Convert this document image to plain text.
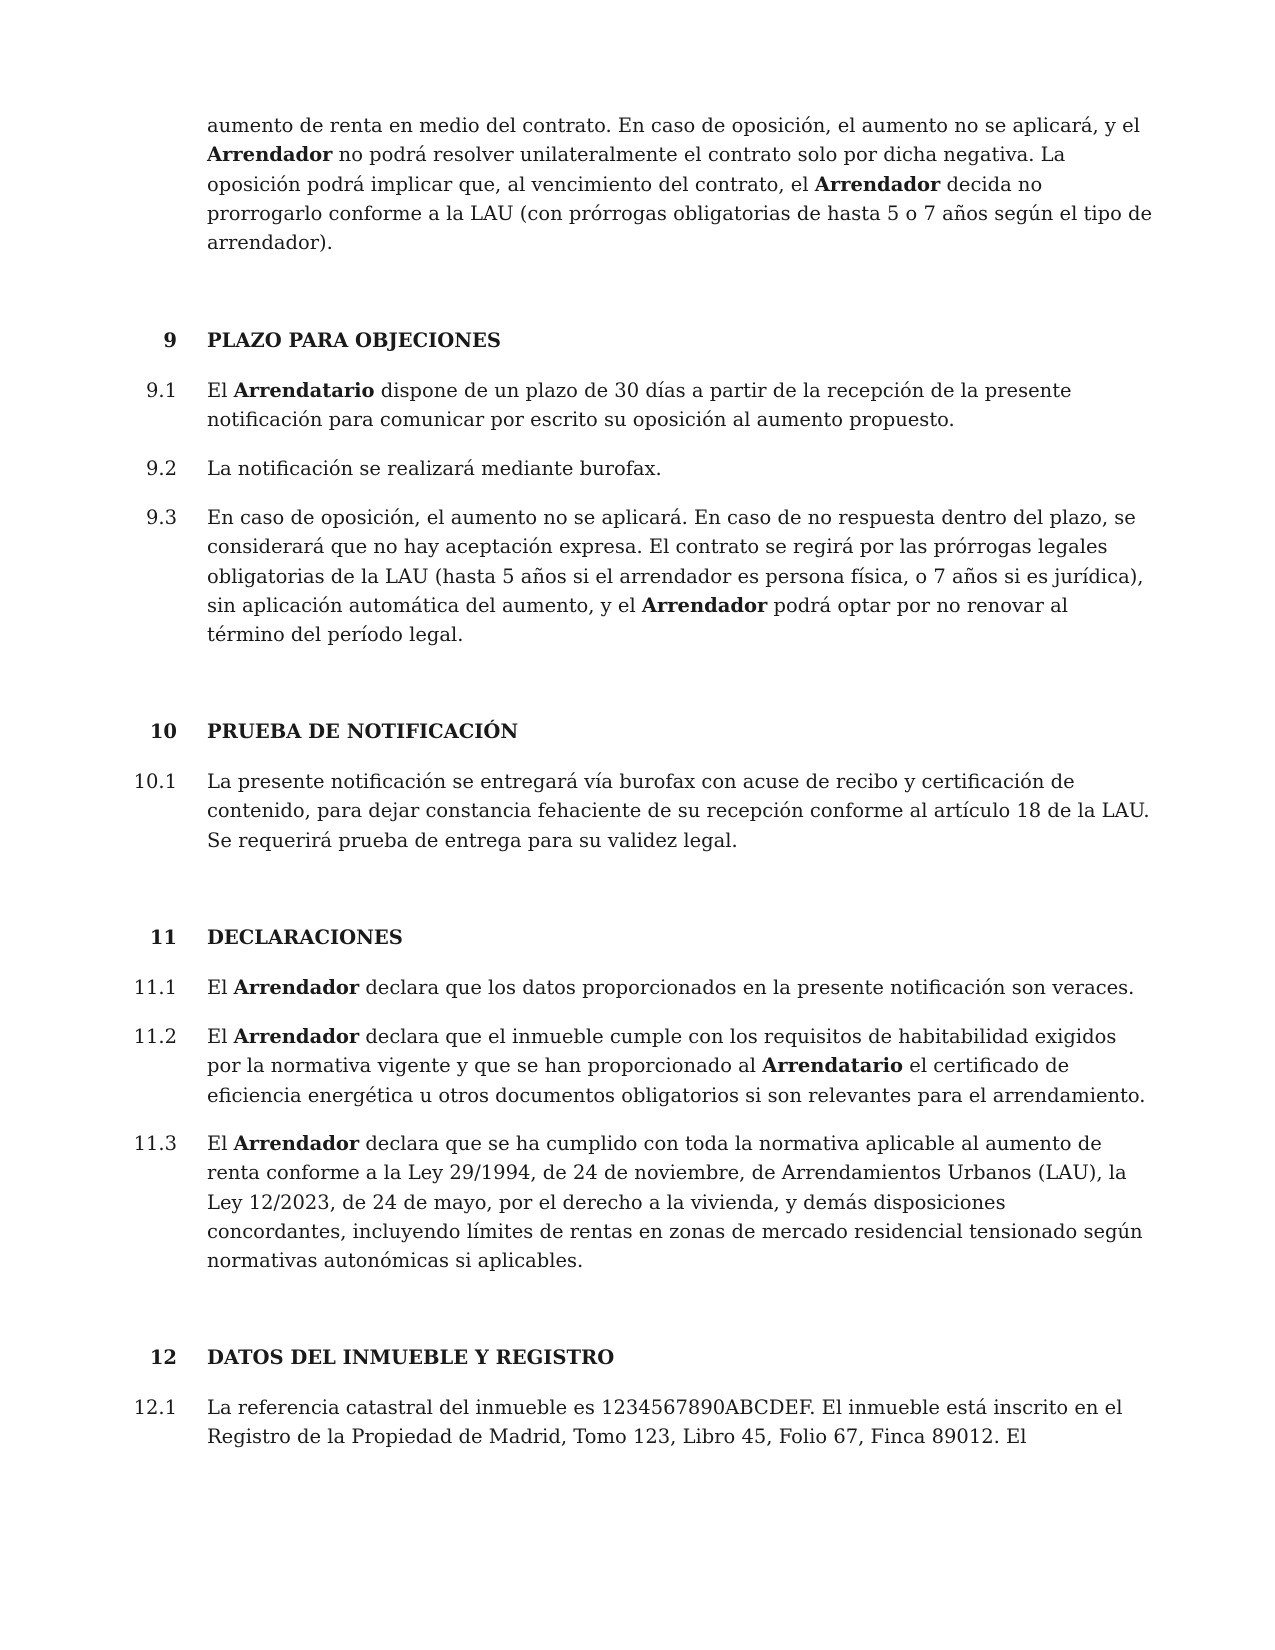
aumento de renta en medio del contrato. En caso de oposición, el aumento no se aplicará, y el
Arrendador no podrá resolver unilateralmente el contrato solo por dicha negativa. La
oposición podrá implicar que, al vencimiento del contrato, el Arrendador decida no
prorrogarlo conforme a la LAU (con prórrogas obligatorias de hasta 5 o 7 años según el tipo de
arrendador).
9 PLAZO PARA OBJECIONES
9.1 El Arrendatario dispone de un plazo de 30 días a partir de la recepción de la presente
notificación para comunicar por escrito su oposición al aumento propuesto.
9.2 La notificación se realizará mediante burofax.
9.3 En caso de oposición, el aumento no se aplicará. En caso de no respuesta dentro del plazo, se
considerará que no hay aceptación expresa. El contrato se regirá por las prórrogas legales
obligatorias de la LAU (hasta 5 años si el arrendador es persona física, o 7 años si es jurídica),
sin aplicación automática del aumento, y el Arrendador podrá optar por no renovar al
término del período legal.
10 PRUEBA DE NOTIFICACIÓN
10.1 La presente notificación se entregará vía burofax con acuse de recibo y certificación de
contenido, para dejar constancia fehaciente de su recepción conforme al artículo 18 de la LAU.
Se requerirá prueba de entrega para su validez legal.
11 DECLARACIONES
11.1 El Arrendador declara que los datos proporcionados en la presente notificación son veraces.
11.2 El Arrendador declara que el inmueble cumple con los requisitos de habitabilidad exigidos
por la normativa vigente y que se han proporcionado al Arrendatario el certificado de
eficiencia energética u otros documentos obligatorios si son relevantes para el arrendamiento.
11.3 El Arrendador declara que se ha cumplido con toda la normativa aplicable al aumento de
renta conforme a la Ley 29/1994, de 24 de noviembre, de Arrendamientos Urbanos (LAU), la
Ley 12/2023, de 24 de mayo, por el derecho a la vivienda, y demás disposiciones
concordantes, incluyendo límites de rentas en zonas de mercado residencial tensionado según
normativas autonómicas si aplicables.
12 DATOS DEL INMUEBLE Y REGISTRO
12.1 La referencia catastral del inmueble es 1234567890ABCDEF. El inmueble está inscrito en el
Registro de la Propiedad de Madrid, Tomo 123, Libro 45, Folio 67, Finca 89012. El
